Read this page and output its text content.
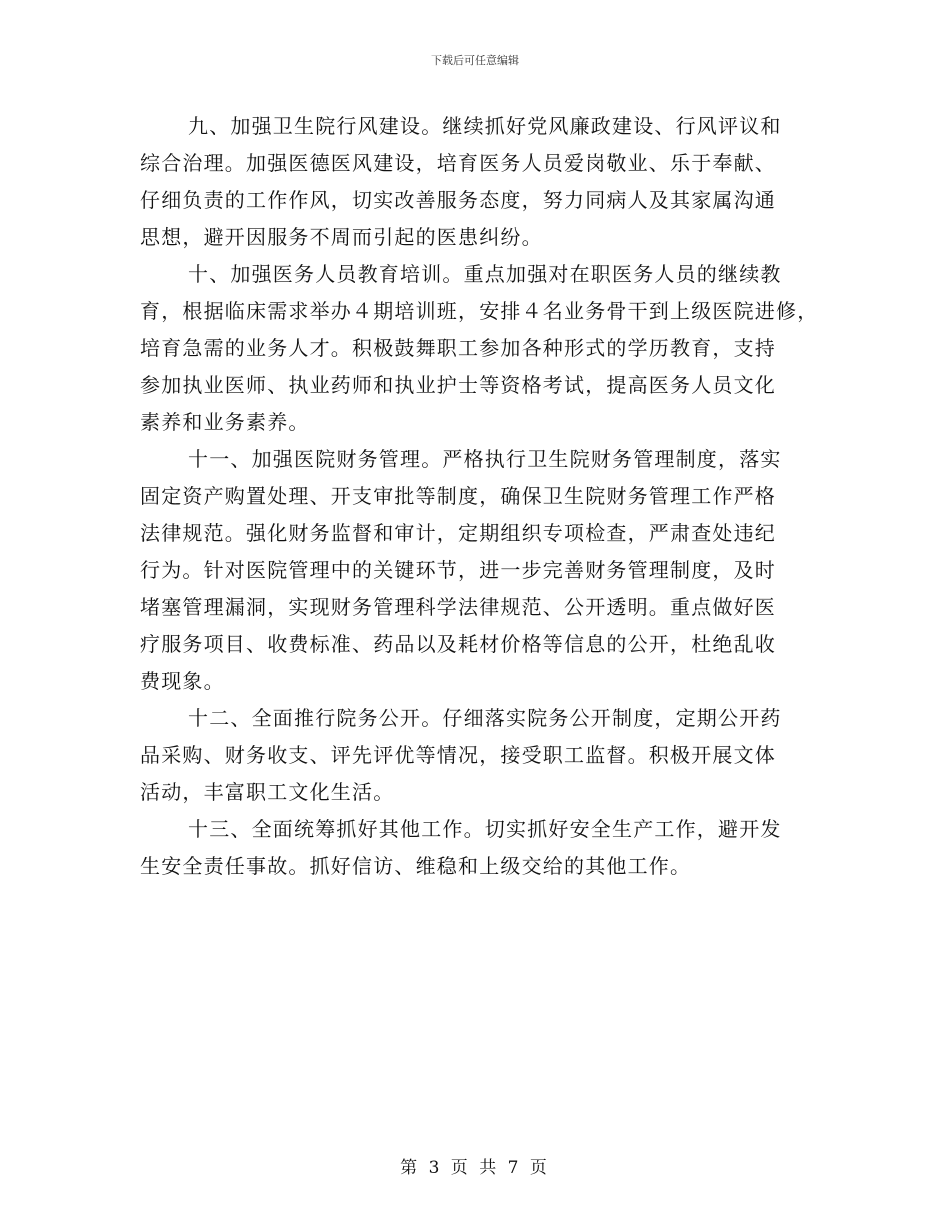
下载后可任意编辑
九、加强卫生院行风建设。继续抓好党风廉政建设、行风评议和
综合治理。加强医德医风建设，培育医务人员爱岗敬业、乐于奉献、
仔细负责的工作作风，切实改善服务态度，努力同病人及其家属沟通
思想，避开因服务不周而引起的医患纠纷。
十、加强医务人员教育培训。重点加强对在职医务人员的继续教
育，根据临床需求举办４期培训班，安排４名业务骨干到上级医院进修，
培育急需的业务人才。积极鼓舞职工参加各种形式的学历教育，支持
参加执业医师、执业药师和执业护士等资格考试，提高医务人员文化
素养和业务素养。
十一、加强医院财务管理。严格执行卫生院财务管理制度，落实
固定资产购置处理、开支审批等制度，确保卫生院财务管理工作严格
法律规范。强化财务监督和审计，定期组织专项检查，严肃查处违纪
行为。针对医院管理中的关键环节，进一步完善财务管理制度，及时
堵塞管理漏洞，实现财务管理科学法律规范、公开透明。重点做好医
疗服务项目、收费标准、药品以及耗材价格等信息的公开，杜绝乱收
费现象。
十二、全面推行院务公开。仔细落实院务公开制度，定期公开药
品采购、财务收支、评先评优等情况，接受职工监督。积极开展文体
活动，丰富职工文化生活。
十三、全面统筹抓好其他工作。切实抓好安全生产工作，避开发
生安全责任事故。抓好信访、维稳和上级交给的其他工作。
第 3 页 共 7 页
